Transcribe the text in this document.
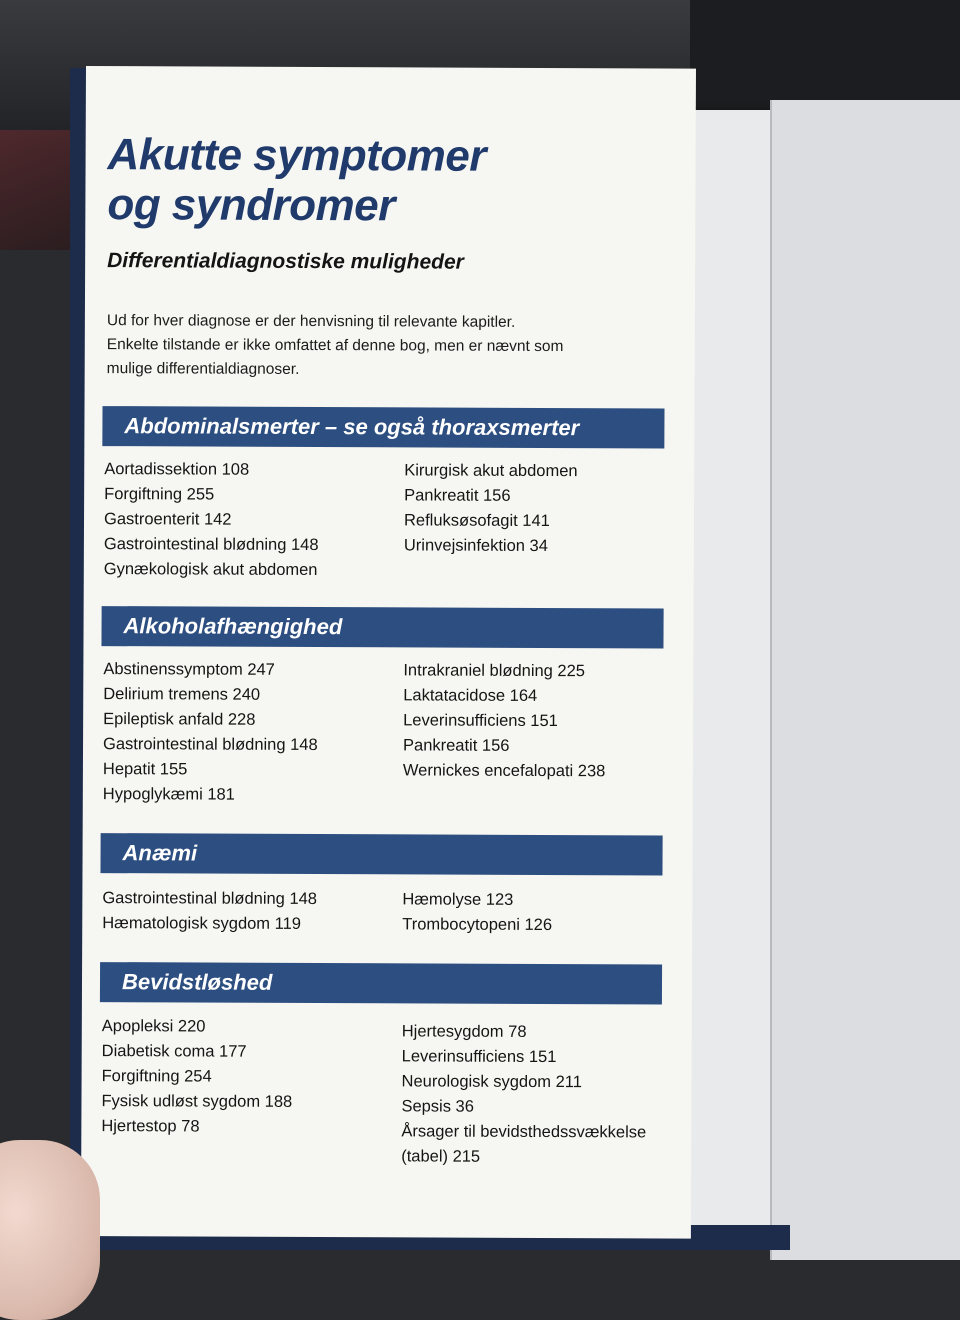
Akutte symptomer
og syndromer
Differentialdiagnostiske muligheder
Ud for hver diagnose er der henvisning til relevante kapitler.
Enkelte tilstande er ikke omfattet af denne bog, men er nævnt som
mulige differentialdiagnoser.
Abdominalsmerter – se også thoraxsmerter
Aortadissektion 108
Forgiftning 255
Gastroenterit 142
Gastrointestinal blødning 148
Gynækologisk akut abdomen
Kirurgisk akut abdomen
Pankreatit 156
Refluksøsofagit 141
Urinvejsinfektion 34
Alkoholafhængighed
Abstinenssymptom 247
Delirium tremens 240
Epileptisk anfald 228
Gastrointestinal blødning 148
Hepatit 155
Hypoglykæmi 181
Intrakraniel blødning 225
Laktatacidose 164
Leverinsufficiens 151
Pankreatit 156
Wernickes encefalopati 238
Anæmi
Gastrointestinal blødning 148
Hæmatologisk sygdom 119
Hæmolyse 123
Trombocytopeni 126
Bevidstløshed
Apopleksi 220
Diabetisk coma 177
Forgiftning 254
Fysisk udløst sygdom 188
Hjertestop 78
Hjertesygdom 78
Leverinsufficiens 151
Neurologisk sygdom 211
Sepsis 36
Årsager til bevidsthedssvækkelse
(tabel) 215
